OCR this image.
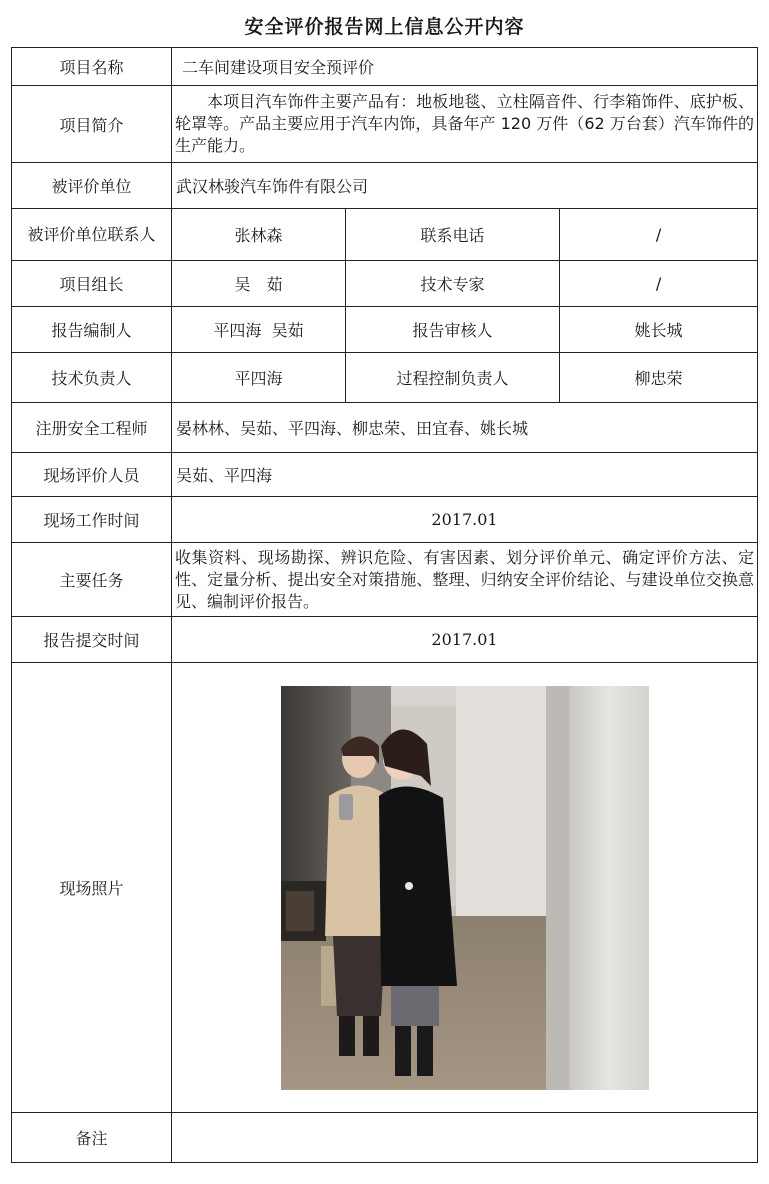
安全评价报告网上信息公开内容
项目名称	二车间建设项目安全预评价		
项目简介	本项目汽车饰件主要产品有：地板地毯、立柱隔音件、行李箱饰件、底护板、轮罩等。产品主要应用于汽车内饰，具备年产 120 万件（62 万台套）汽车饰件的生产能力。		
被评价单位	武汉林骏汽车饰件有限公司		
被评价单位联系人	张林森	联系电话	/
项目组长	吴　茹	技术专家	/
报告编制人	平四海  吴茹	报告审核人	姚长城
技术负责人	平四海	过程控制负责人	柳忠荣
注册安全工程师	晏林林、吴茹、平四海、柳忠荣、田宜春、姚长城		
现场评价人员	吴茹、平四海		
现场工作时间	2017.01		
主要任务	收集资料、现场勘探、辨识危险、有害因素、划分评价单元、确定评价方法、定性、定量分析、提出安全对策措施、整理、归纳安全评价结论、与建设单位交换意见、编制评价报告。		
报告提交时间	2017.01		
现场照片	

备注			
